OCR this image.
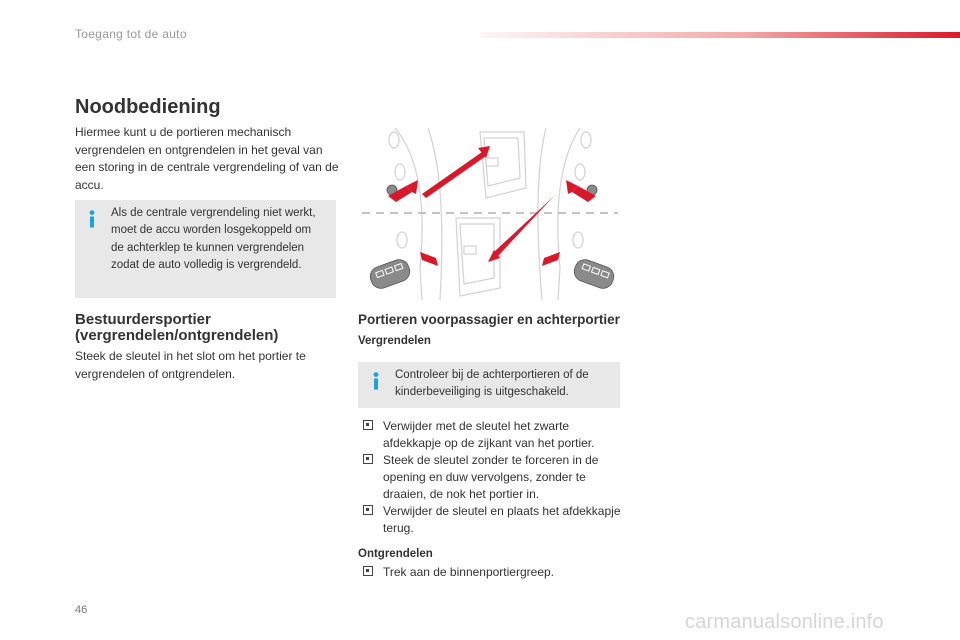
Toegang tot de auto
Noodbediening
Hiermee kunt u de portieren mechanisch vergrendelen en ontgrendelen in het geval van een storing in de centrale vergrendeling of van de accu.
Als de centrale vergrendeling niet werkt, moet de accu worden losgekoppeld om de achterklep te kunnen vergrendelen zodat de auto volledig is vergrendeld.
Bestuurdersportier
(vergrendelen/ontgrendelen)
Steek de sleutel in het slot om het portier te vergrendelen of ontgrendelen.
Portieren voorpassagier en achterportier
Vergrendelen
Controleer bij de achterportieren of de kinderbeveiliging is uitgeschakeld.
Verwijder met de sleutel het zwarte afdekkapje op de zijkant van het portier.
Steek de sleutel zonder te forceren in de opening en duw vervolgens, zonder te draaien, de nok het portier in.
Verwijder de sleutel en plaats het afdekkapje terug.
Ontgrendelen
Trek aan de binnenportiergreep.
46
carmanualsonline.info
